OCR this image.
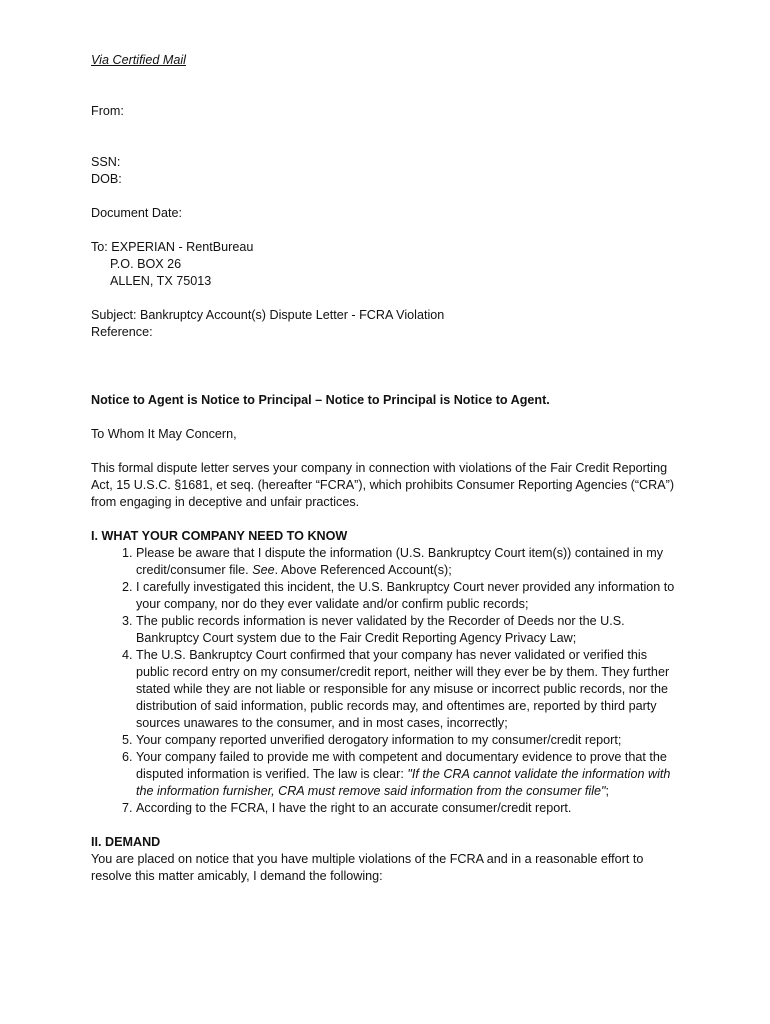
Via Certified Mail
From:
SSN:
DOB:
Document Date:
To: EXPERIAN - RentBureau
P.O. BOX 26
ALLEN, TX 75013
Subject: Bankruptcy Account(s) Dispute Letter - FCRA Violation
Reference:
Notice to Agent is Notice to Principal – Notice to Principal is Notice to Agent.
To Whom It May Concern,
This formal dispute letter serves your company in connection with violations of the Fair Credit Reporting
Act, 15 U.S.C. §1681, et seq. (hereafter “FCRA”), which prohibits Consumer Reporting Agencies (“CRA”)
from engaging in deceptive and unfair practices.
I. WHAT YOUR COMPANY NEED TO KNOW
1. Please be aware that I dispute the information (U.S. Bankruptcy Court item(s)) contained in my
credit/consumer file. See. Above Referenced Account(s);
2. I carefully investigated this incident, the U.S. Bankruptcy Court never provided any information to
your company, nor do they ever validate and/or confirm public records;
3. The public records information is never validated by the Recorder of Deeds nor the U.S.
Bankruptcy Court system due to the Fair Credit Reporting Agency Privacy Law;
4. The U.S. Bankruptcy Court confirmed that your company has never validated or verified this
public record entry on my consumer/credit report, neither will they ever be by them. They further
stated while they are not liable or responsible for any misuse or incorrect public records, nor the
distribution of said information, public records may, and oftentimes are, reported by third party
sources unawares to the consumer, and in most cases, incorrectly;
5. Your company reported unverified derogatory information to my consumer/credit report;
6. Your company failed to provide me with competent and documentary evidence to prove that the
disputed information is verified. The law is clear: "If the CRA cannot validate the information with
the information furnisher, CRA must remove said information from the consumer file";
7. According to the FCRA, I have the right to an accurate consumer/credit report.
II. DEMAND
You are placed on notice that you have multiple violations of the FCRA and in a reasonable effort to
resolve this matter amicably, I demand the following:
